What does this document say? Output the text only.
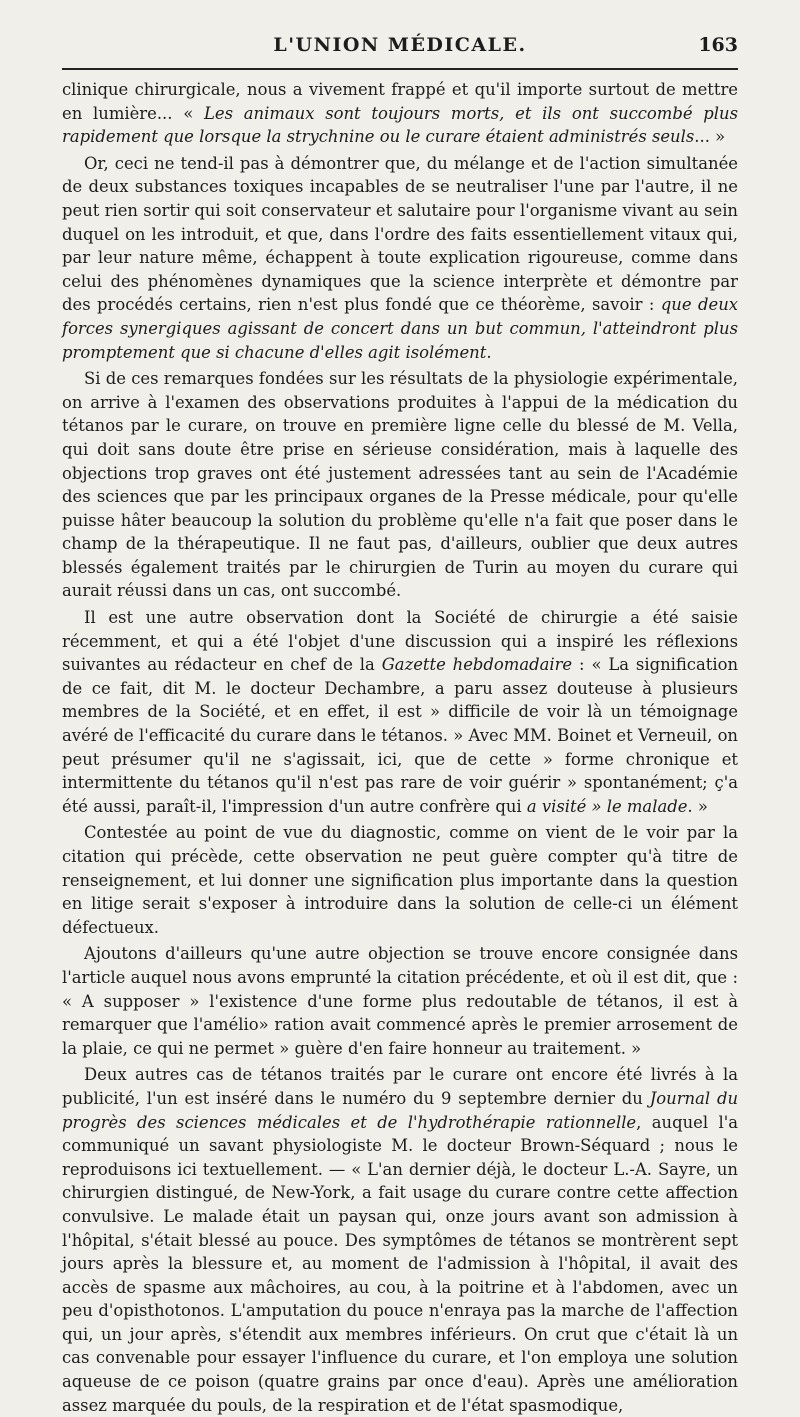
L'UNION MÉDICALE.	163

clinique chirurgicale, nous a vivement frappé et qu'il importe surtout de mettre en lumière... « Les animaux sont toujours morts, et ils ont succombé plus rapidement que lorsque la strychnine ou le curare étaient administrés seuls... »

Or, ceci ne tend-il pas à démontrer que, du mélange et de l'action simultanée de deux substances toxiques incapables de se neutraliser l'une par l'autre, il ne peut rien sortir qui soit conservateur et salutaire pour l'organisme vivant au sein duquel on les introduit, et que, dans l'ordre des faits essentiellement vitaux qui, par leur nature même, échappent à toute explication rigoureuse, comme dans celui des phénomènes dynamiques que la science interprète et démontre par des procédés certains, rien n'est plus fondé que ce théorème, savoir : que deux forces synergiques agissant de concert dans un but commun, l'atteindront plus promptement que si chacune d'elles agit isolément.

Si de ces remarques fondées sur les résultats de la physiologie expérimentale, on arrive à l'examen des observations produites à l'appui de la médication du tétanos par le curare, on trouve en première ligne celle du blessé de M. Vella, qui doit sans doute être prise en sérieuse considération, mais à laquelle des objections trop graves ont été justement adressées tant au sein de l'Académie des sciences que par les principaux organes de la Presse médicale, pour qu'elle puisse hâter beaucoup la solution du problème qu'elle n'a fait que poser dans le champ de la thérapeutique. Il ne faut pas, d'ailleurs, oublier que deux autres blessés également traités par le chirurgien de Turin au moyen du curare qui aurait réussi dans un cas, ont succombé.

Il est une autre observation dont la Société de chirurgie a été saisie récemment, et qui a été l'objet d'une discussion qui a inspiré les réflexions suivantes au rédacteur en chef de la Gazette hebdomadaire : « La signification de ce fait, dit M. le docteur Dechambre, a paru assez douteuse à plusieurs membres de la Société, et en effet, il est » difficile de voir là un témoignage avéré de l'efficacité du curare dans le tétanos. » Avec MM. Boinet et Verneuil, on peut présumer qu'il ne s'agissait, ici, que de cette » forme chronique et intermittente du tétanos qu'il n'est pas rare de voir guérir » spontanément; ç'a été aussi, paraît-il, l'impression d'un autre confrère qui a visité » le malade. »

Contestée au point de vue du diagnostic, comme on vient de le voir par la citation qui précède, cette observation ne peut guère compter qu'à titre de renseignement, et lui donner une signification plus importante dans la question en litige serait s'exposer à introduire dans la solution de celle-ci un élément défectueux.

Ajoutons d'ailleurs qu'une autre objection se trouve encore consignée dans l'article auquel nous avons emprunté la citation précédente, et où il est dit, que : « A supposer » l'existence d'une forme plus redoutable de tétanos, il est à remarquer que l'amélio» ration avait commencé après le premier arrosement de la plaie, ce qui ne permet » guère d'en faire honneur au traitement. »

Deux autres cas de tétanos traités par le curare ont encore été livrés à la publicité, l'un est inséré dans le numéro du 9 septembre dernier du Journal du progrès des sciences médicales et de l'hydrothérapie rationnelle, auquel l'a communiqué un savant physiologiste M. le docteur Brown-Séquard ; nous le reproduisons ici textuellement. — « L'an dernier déjà, le docteur L.-A. Sayre, un chirurgien distingué, de New-York, a fait usage du curare contre cette affection convulsive. Le malade était un paysan qui, onze jours avant son admission à l'hôpital, s'était blessé au pouce. Des symptômes de tétanos se montrèrent sept jours après la blessure et, au moment de l'admission à l'hôpital, il avait des accès de spasme aux mâchoires, au cou, à la poitrine et à l'abdomen, avec un peu d'opisthotonos. L'amputation du pouce n'enraya pas la marche de l'affection qui, un jour après, s'étendit aux membres inférieurs. On crut que c'était là un cas convenable pour essayer l'influence du curare, et l'on employa une solution aqueuse de ce poison (quatre grains par once d'eau). Après une amélioration assez marquée du pouls, de la respiration et de l'état spasmodique,
